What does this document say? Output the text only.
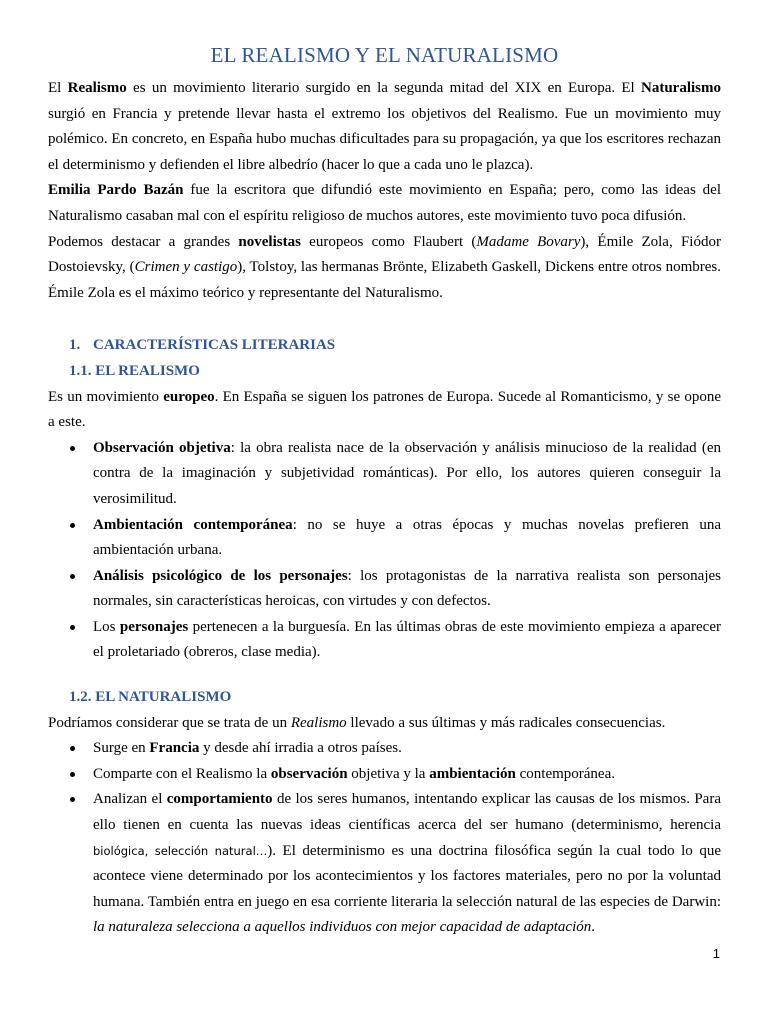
EL REALISMO Y EL NATURALISMO

El Realismo es un movimiento literario surgido en la segunda mitad del XIX en Europa. El Naturalismo surgió en Francia y pretende llevar hasta el extremo los objetivos del Realismo. Fue un movimiento muy polémico. En concreto, en España hubo muchas dificultades para su propagación, ya que los escritores rechazan el determinismo y defienden el libre albedrío (hacer lo que a cada uno le plazca).

Emilia Pardo Bazán fue la escritora que difundió este movimiento en España; pero, como las ideas del Naturalismo casaban mal con el espíritu religioso de muchos autores, este movimiento tuvo poca difusión.

Podemos destacar a grandes novelistas europeos como Flaubert (Madame Bovary), Émile Zola, Fiódor Dostoievsky, (Crimen y castigo), Tolstoy, las hermanas Brönte, Elizabeth Gaskell, Dickens entre otros nombres. Émile Zola es el máximo teórico y representante del Naturalismo.

1. CARACTERÍSTICAS LITERARIAS
1.1. EL REALISMO

Es un movimiento europeo. En España se siguen los patrones de Europa. Sucede al Romanticismo, y se opone a este.

Observación objetiva: la obra realista nace de la observación y análisis minucioso de la realidad (en contra de la imaginación y subjetividad románticas). Por ello, los autores quieren conseguir la verosimilitud.
Ambientación contemporánea: no se huye a otras épocas y muchas novelas prefieren una ambientación urbana.
Análisis psicológico de los personajes: los protagonistas de la narrativa realista son personajes normales, sin características heroicas, con virtudes y con defectos.
Los personajes pertenecen a la burguesía. En las últimas obras de este movimiento empieza a aparecer el proletariado (obreros, clase media).
1.2. EL NATURALISMO

Podríamos considerar que se trata de un Realismo llevado a sus últimas y más radicales consecuencias.

Surge en Francia y desde ahí irradia a otros países.
Comparte con el Realismo la observación objetiva y la ambientación contemporánea.
Analizan el comportamiento de los seres humanos, intentando explicar las causas de los mismos. Para ello tienen en cuenta las nuevas ideas científicas acerca del ser humano (determinismo, herencia biológica, selección natural…). El determinismo es una doctrina filosófica según la cual todo lo que acontece viene determinado por los acontecimientos y los factores materiales, pero no por la voluntad humana. También entra en juego en esa corriente literaria la selección natural de las especies de Darwin: la naturaleza selecciona a aquellos individuos con mejor capacidad de adaptación.
1
